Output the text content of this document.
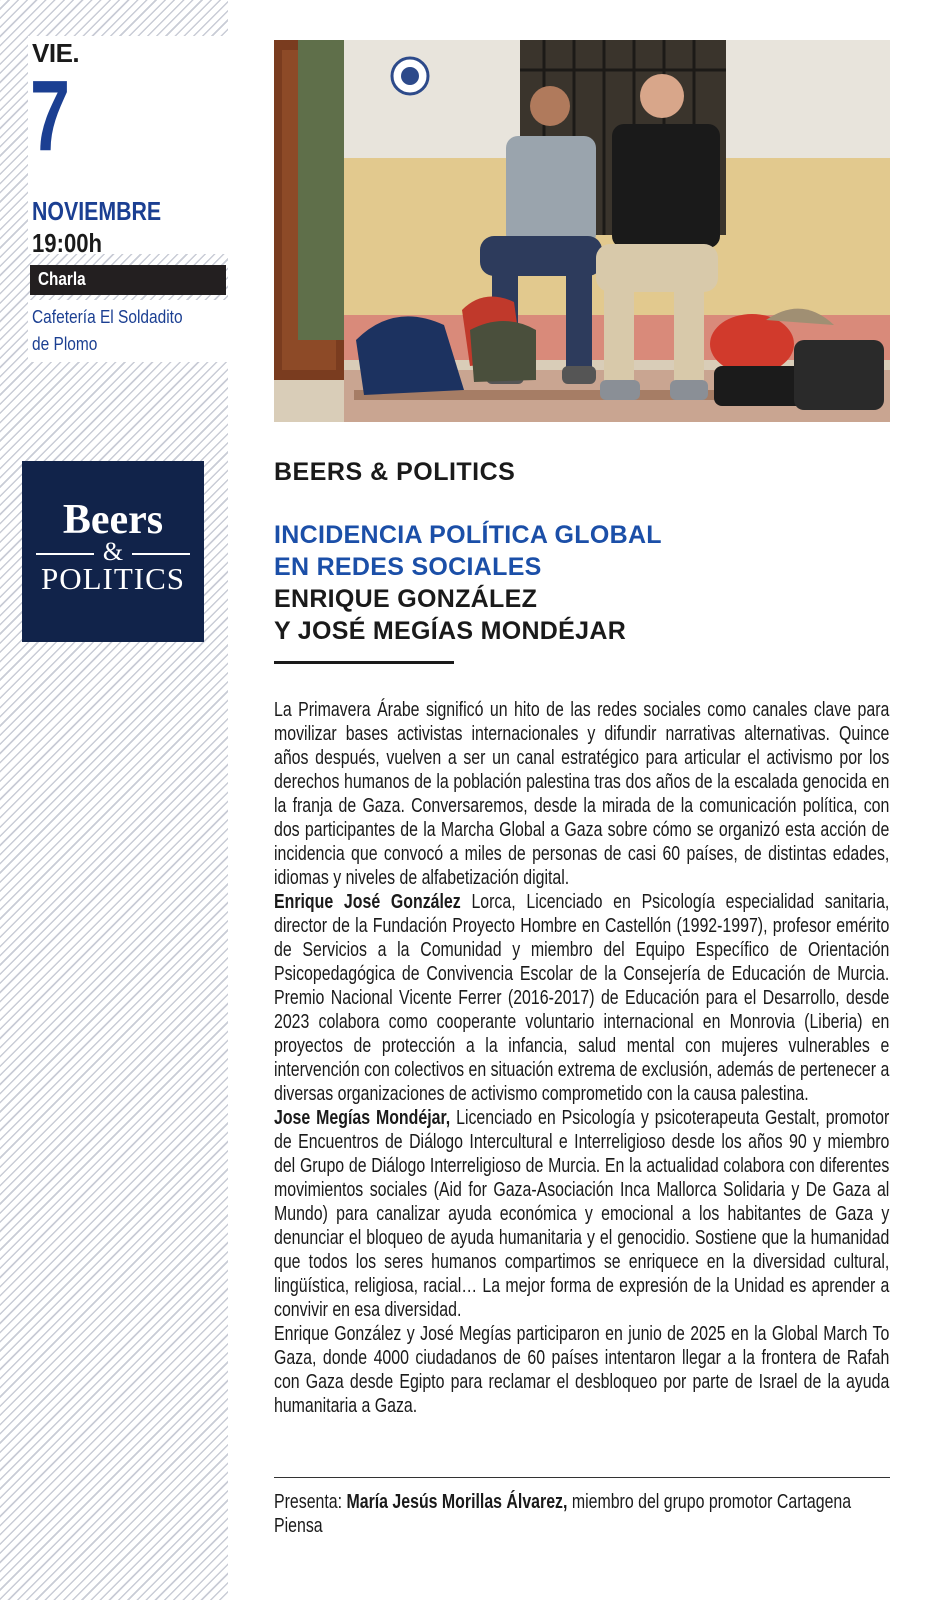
VIE.
7
NOVIEMBRE
19:00h
Charla
Cafetería El Soldadito
de Plomo
Beers
&
POLITICS
BEERS & POLITICS
INCIDENCIA POLÍTICA GLOBAL
EN REDES SOCIALES
ENRIQUE GONZÁLEZ
Y JOSÉ MEGÍAS MONDÉJAR

La Primavera Árabe significó un hito de las redes sociales como canales clave para movilizar bases activistas internacionales y difundir narrativas alternativas. Quince años después, vuelven a ser un canal estratégico para articular el activismo por los derechos humanos de la población palestina tras dos años de la escalada genocida en la franja de Gaza. Conversaremos, desde la mirada de la comunicación política, con dos participantes de la Marcha Global a Gaza sobre cómo se organizó esta acción de incidencia que convocó a miles de personas de casi 60 países, de distintas edades, idiomas y niveles de alfabetización digital.

Enrique José González Lorca, Licenciado en Psicología especialidad sanitaria, director de la Fundación Proyecto Hombre en Castellón (1992-1997), profesor emérito de Servicios a la Comunidad y miembro del Equipo Específico de Orientación Psicopedagógica de Convivencia Escolar de la Consejería de Educación de Murcia. Premio Nacional Vicente Ferrer (2016-2017) de Educación para el Desarrollo, desde 2023 colabora como cooperante voluntario internacional en Monrovia (Liberia) en proyectos de protección a la infancia, salud mental con mujeres vulnerables e intervención con colectivos en situación extrema de exclusión, además de pertenecer a diversas organizaciones de activismo comprometido con la causa palestina.

Jose Megías Mondéjar, Licenciado en Psicología y psicoterapeuta Gestalt, promotor de Encuentros de Diálogo Intercultural e Interreligioso desde los años 90 y miembro del Grupo de Diálogo Interreligioso de Murcia. En la actualidad colabora con diferentes movimientos sociales (Aid for Gaza-Asociación Inca Mallorca Solidaria y De Gaza al Mundo) para canalizar ayuda económica y emocional a los habitantes de Gaza y denunciar el bloqueo de ayuda humanitaria y el genocidio. Sostiene que la humanidad que todos los seres humanos compartimos se enriquece en la diversidad cultural, lingüística, religiosa, racial… La mejor forma de expresión de la Unidad es aprender a convivir en esa diversidad.

Enrique González y José Megías participaron en junio de 2025 en la Global March To Gaza, donde 4000 ciudadanos de 60 países intentaron llegar a la frontera de Rafah con Gaza desde Egipto para reclamar el desbloqueo por parte de Israel de la ayuda humanitaria a Gaza.

Presenta: María Jesús Morillas Álvarez, miembro del grupo promotor Cartagena Piensa
